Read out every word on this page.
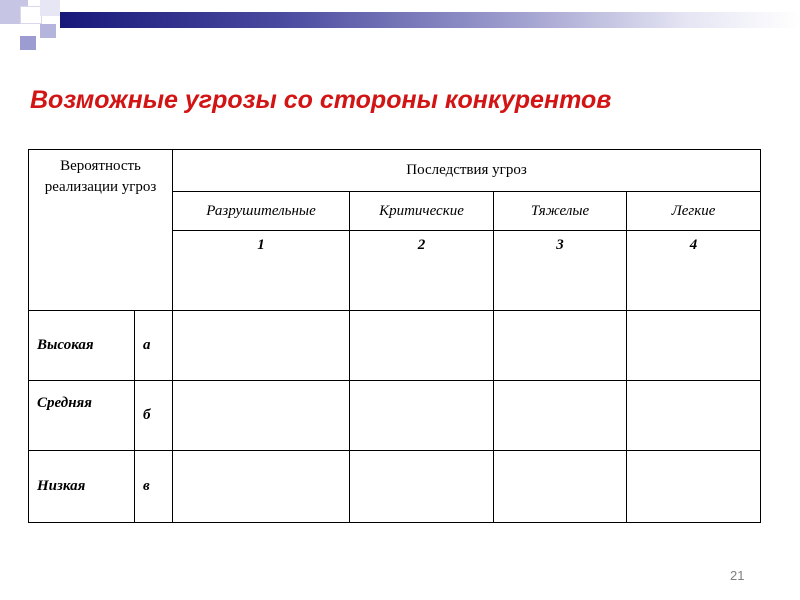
Возможные угрозы со стороны конкурентов
Вероятность реализации угроз		Последствия угроз			
		Разрушительные	Критические	Тяжелые	Легкие
		1	2	3	4
Высокая	а				
Средняя	б				
Низкая	в				
21
